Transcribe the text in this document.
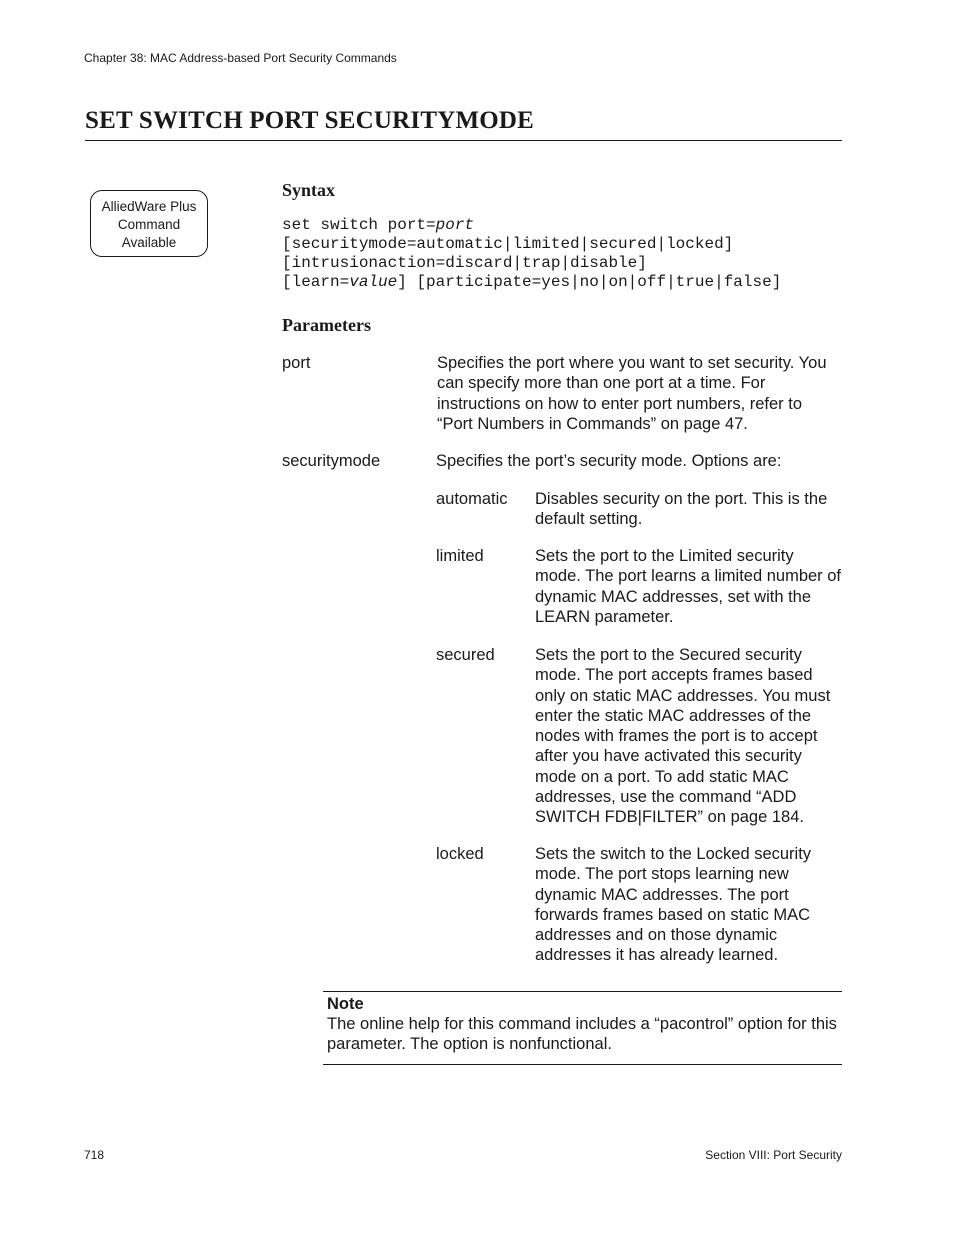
Chapter 38: MAC Address-based Port Security Commands
SET SWITCH PORT SECURITYMODE
AlliedWare Plus
Command
Available
Syntax
set switch port=port
[securitymode=automatic|limited|secured|locked]
[intrusionaction=discard|trap|disable]
[learn=value] [participate=yes|no|on|off|true|false]
Parameters
port	Specifies the port where you want to set security. You can specify more than one port at a time. For instructions on how to enter port numbers, refer to “Port Numbers in Commands” on page 47.
securitymode	Specifies the port’s security mode. Options are:
automatic Disables security on the port. This is the default setting.
limited	Sets the port to the Limited security mode. The port learns a limited number of dynamic MAC addresses, set with the LEARN parameter.
secured Sets the port to the Secured security mode. The port accepts frames based only on static MAC addresses. You must enter the static MAC addresses of the nodes with frames the port is to accept after you have activated this security mode on a port. To add static MAC addresses, use the command “ADD SWITCH FDB|FILTER” on page 184.
locked	Sets the switch to the Locked security mode. The port stops learning new dynamic MAC addresses. The port forwards frames based on static MAC addresses and on those dynamic addresses it has already learned.
Note
The online help for this command includes a “pacontrol” option for this parameter. The option is nonfunctional.
718	Section VIII: Port Security
